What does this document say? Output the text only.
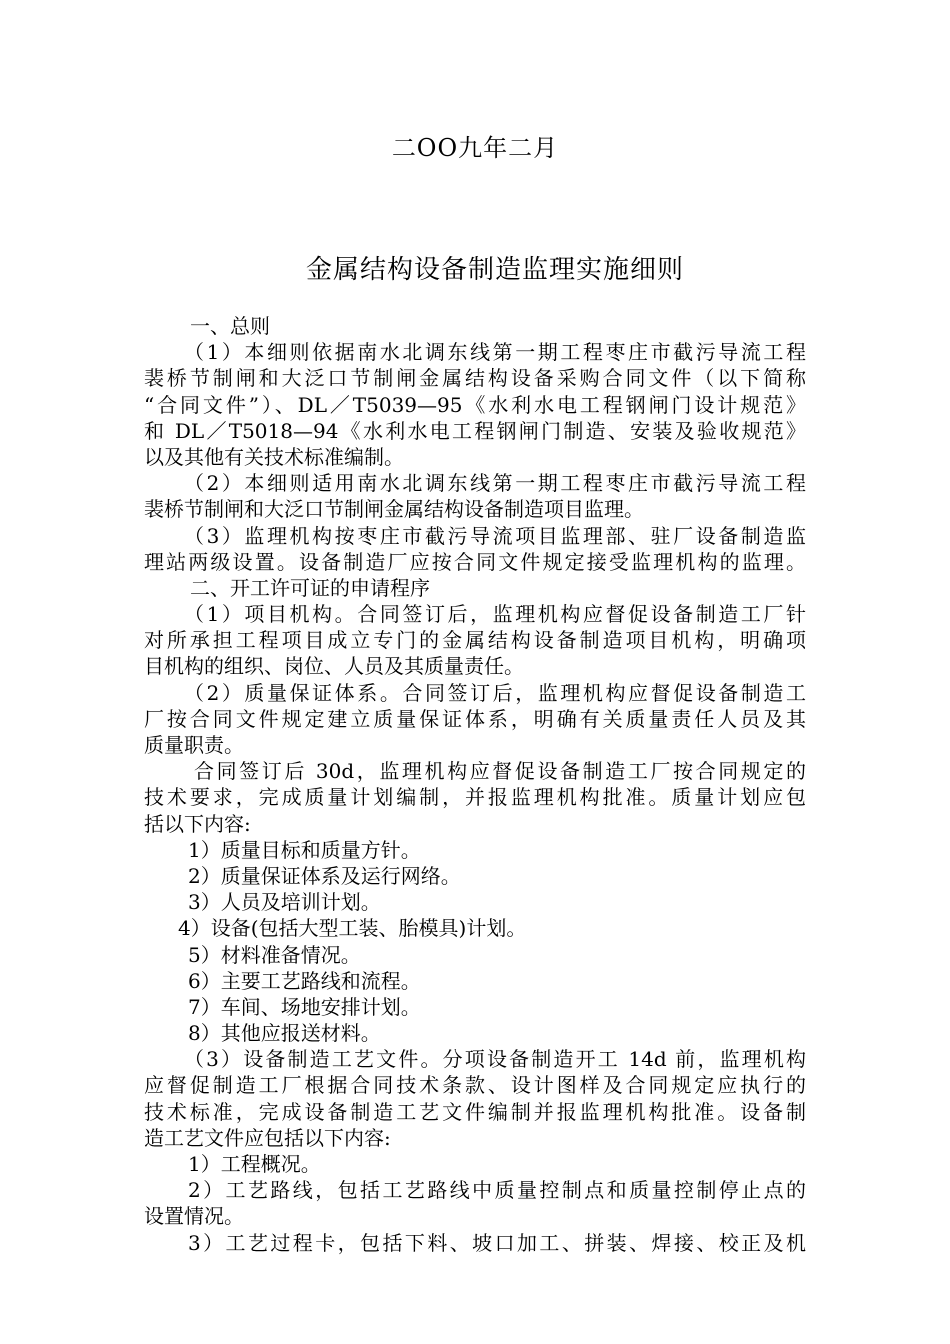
二OO九年二月
金属结构设备制造监理实施细则
一、总则
（1）本细则依据南水北调东线第一期工程枣庄市截污导流工程
裴桥节制闸和大泛口节制闸金属结构设备采购合同文件（以下简称
“合同文件”）、DL／T5039—95《水利水电工程钢闸门设计规范》
和 DL／T5018—94《水利水电工程钢闸门制造、安装及验收规范》
以及其他有关技术标准编制。
（2）本细则适用南水北调东线第一期工程枣庄市截污导流工程
裴桥节制闸和大泛口节制闸金属结构设备制造项目监理。
（3）监理机构按枣庄市截污导流项目监理部、驻厂设备制造监
理站两级设置。设备制造厂应按合同文件规定接受监理机构的监理。
二、开工许可证的申请程序
（1）项目机构。合同签订后，监理机构应督促设备制造工厂针
对所承担工程项目成立专门的金属结构设备制造项目机构，明确项
目机构的组织、岗位、人员及其质量责任。
（2）质量保证体系。合同签订后，监理机构应督促设备制造工
厂按合同文件规定建立质量保证体系，明确有关质量责任人员及其
质量职责。
合同签订后 30d，监理机构应督促设备制造工厂按合同规定的
技术要求，完成质量计划编制，并报监理机构批准。质量计划应包
括以下内容:
1）质量目标和质量方针。
2）质量保证体系及运行网络。
3）人员及培训计划。
4）设备(包括大型工装、胎模具)计划。
5）材料准备情况。
6）主要工艺路线和流程。
7）车间、场地安排计划。
8）其他应报送材料。
（3）设备制造工艺文件。分项设备制造开工 14d 前，监理机构
应督促制造工厂根据合同技术条款、设计图样及合同规定应执行的
技术标准，完成设备制造工艺文件编制并报监理机构批准。设备制
造工艺文件应包括以下内容:
1）工程概况。
2）工艺路线，包括工艺路线中质量控制点和质量控制停止点的
设置情况。
3）工艺过程卡，包括下料、坡口加工、拼装、焊接、校正及机
